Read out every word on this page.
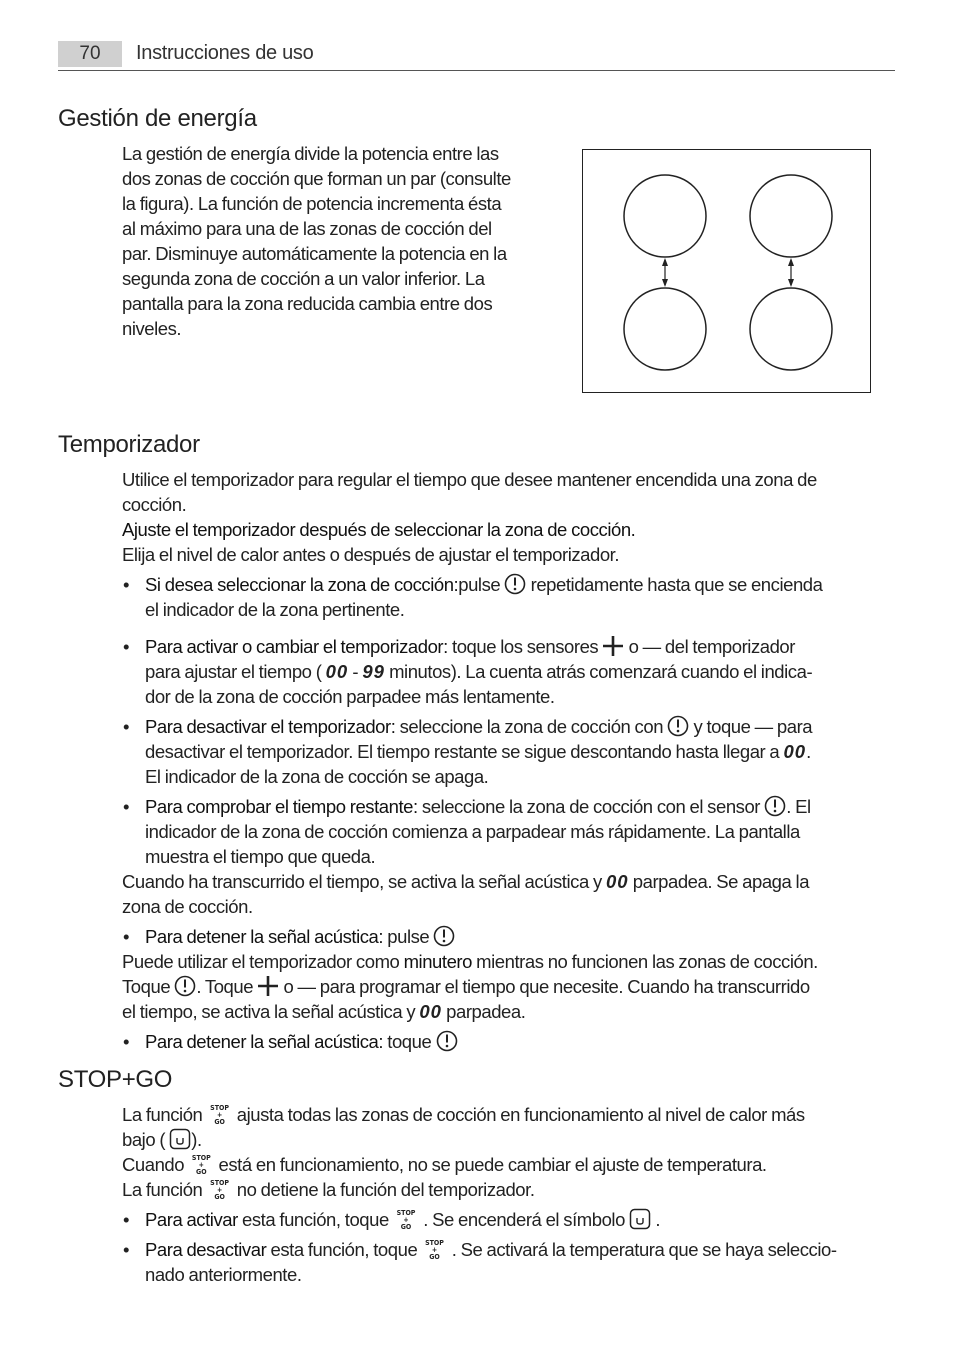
70	Instrucciones de uso
Gestión de energía
La gestión de energía divide la potencia entre las
dos zonas de cocción que forman un par (consulte
la figura). La función de potencia incrementa ésta
al máximo para una de las zonas de cocción del
par. Disminuye automáticamente la potencia en la
segunda zona de cocción a un valor inferior. La
pantalla para la zona reducida cambia entre dos
niveles.
Temporizador
Utilice el temporizador para regular el tiempo que desee mantener encendida una zona de
cocción.
Ajuste el temporizador después de seleccionar la zona de cocción.
Elija el nivel de calor antes o después de ajustar el temporizador.
• Si desea seleccionar la zona de cocción:pulse repetidamente hasta que se encienda
el indicador de la zona pertinente.
• Para activar o cambiar el temporizador: toque los sensores o — del temporizador
para ajustar el tiempo ( 00 - 99 minutos). La cuenta atrás comenzará cuando el indica-
dor de la zona de cocción parpadee más lentamente.
• Para desactivar el temporizador: seleccione la zona de cocción con y toque — para
desactivar el temporizador. El tiempo restante se sigue descontando hasta llegar a 00.
El indicador de la zona de cocción se apaga.
• Para comprobar el tiempo restante: seleccione la zona de cocción con el sensor . El
indicador de la zona de cocción comienza a parpadear más rápidamente. La pantalla
muestra el tiempo que queda.
Cuando ha transcurrido el tiempo, se activa la señal acústica y 00 parpadea. Se apaga la
zona de cocción.
• Para detener la señal acústica: pulse
Puede utilizar el temporizador como minutero mientras no funcionen las zonas de cocción.
Toque . Toque o — para programar el tiempo que necesite. Cuando ha transcurrido
el tiempo, se activa la señal acústica y 00 parpadea.
• Para detener la señal acústica: toque
STOP+GO
La función	STOP
+
GO ajusta todas las zonas de cocción en funcionamiento al nivel de calor más
bajo ( ).
Cuando	STOP
+
GO está en funcionamiento, no se puede cambiar el ajuste de temperatura.
La función	STOP
+
GO no detiene la función del temporizador.
• Para activar esta función, toque	STOP
+
GO . Se encenderá el símbolo .
• Para desactivar esta función, toque	STOP
+
GO . Se activará la temperatura que se haya seleccio-
nado anteriormente.
